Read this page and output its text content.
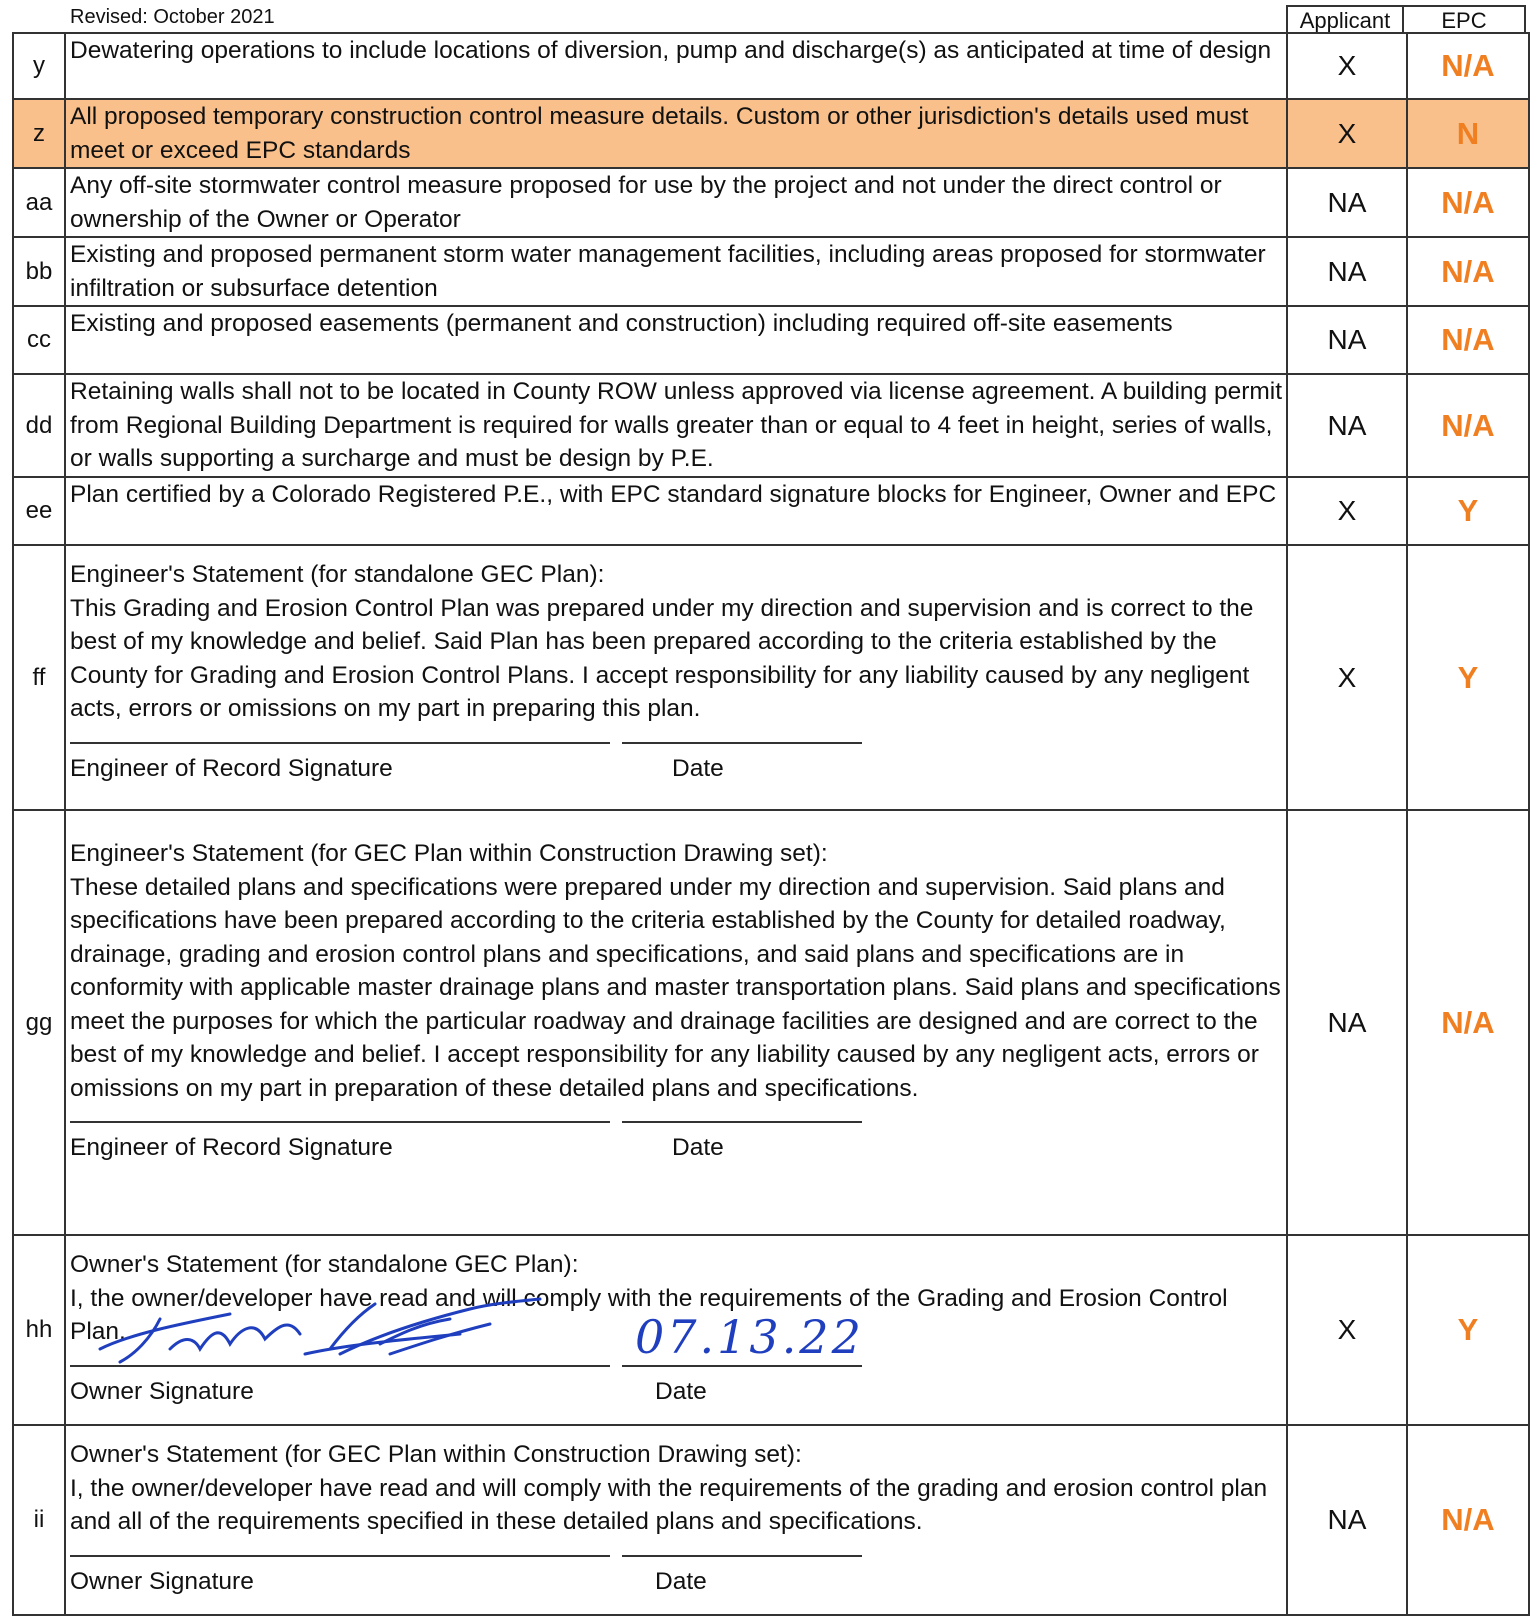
Revised: October 2021	Applicant	EPC
y	Dewatering operations to include locations of diversion, pump and discharge(s) as anticipated at time of design	X	N/A
z	All proposed temporary construction control measure details. Custom or other jurisdiction's details used must meet or exceed EPC standards	X	N
aa	Any off-site stormwater control measure proposed for use by the project and not under the direct control or ownership of the Owner or Operator	NA	N/A
bb	Existing and proposed permanent storm water management facilities, including areas proposed for stormwater infiltration or subsurface detention	NA	N/A
cc	Existing and proposed easements (permanent and construction) including required off-site easements	NA	N/A
dd	Retaining walls shall not to be located in County ROW unless approved via license agreement. A building permit from Regional Building Department is required for walls greater than or equal to 4 feet in height, series of walls, or walls supporting a surcharge and must be design by P.E.	NA	N/A
ee	Plan certified by a Colorado Registered P.E., with EPC standard signature blocks for Engineer, Owner and EPC	X	Y
ff	Engineer's Statement (for standalone GEC Plan):
This Grading and Erosion Control Plan was prepared under my direction and supervision and is correct to the best of my knowledge and belief. Said Plan has been prepared according to the criteria established by the County for Grading and Erosion Control Plans. I accept responsibility for any liability caused by any negligent acts, errors or omissions on my part in preparing this plan.
Engineer of Record Signature Date	X	Y
gg	Engineer's Statement (for GEC Plan within Construction Drawing set):
These detailed plans and specifications were prepared under my direction and supervision. Said plans and specifications have been prepared according to the criteria established by the County for detailed roadway, drainage, grading and erosion control plans and specifications, and said plans and specifications are in conformity with applicable master drainage plans and master transportation plans. Said plans and specifications meet the purposes for which the particular roadway and drainage facilities are designed and are correct to the best of my knowledge and belief. I accept responsibility for any liability caused by any negligent acts, errors or omissions on my part in preparation of these detailed plans and specifications.
Engineer of Record Signature Date	NA	N/A
hh	Owner's Statement (for standalone GEC Plan):
I, the owner/developer have read and will comply with the requirements of the Grading and Erosion Control Plan.
Owner Signature Date
07.13.22	X	Y
ii	Owner's Statement (for GEC Plan within Construction Drawing set):
I, the owner/developer have read and will comply with the requirements of the grading and erosion control plan and all of the requirements specified in these detailed plans and specifications.
Owner Signature Date	NA	N/A
